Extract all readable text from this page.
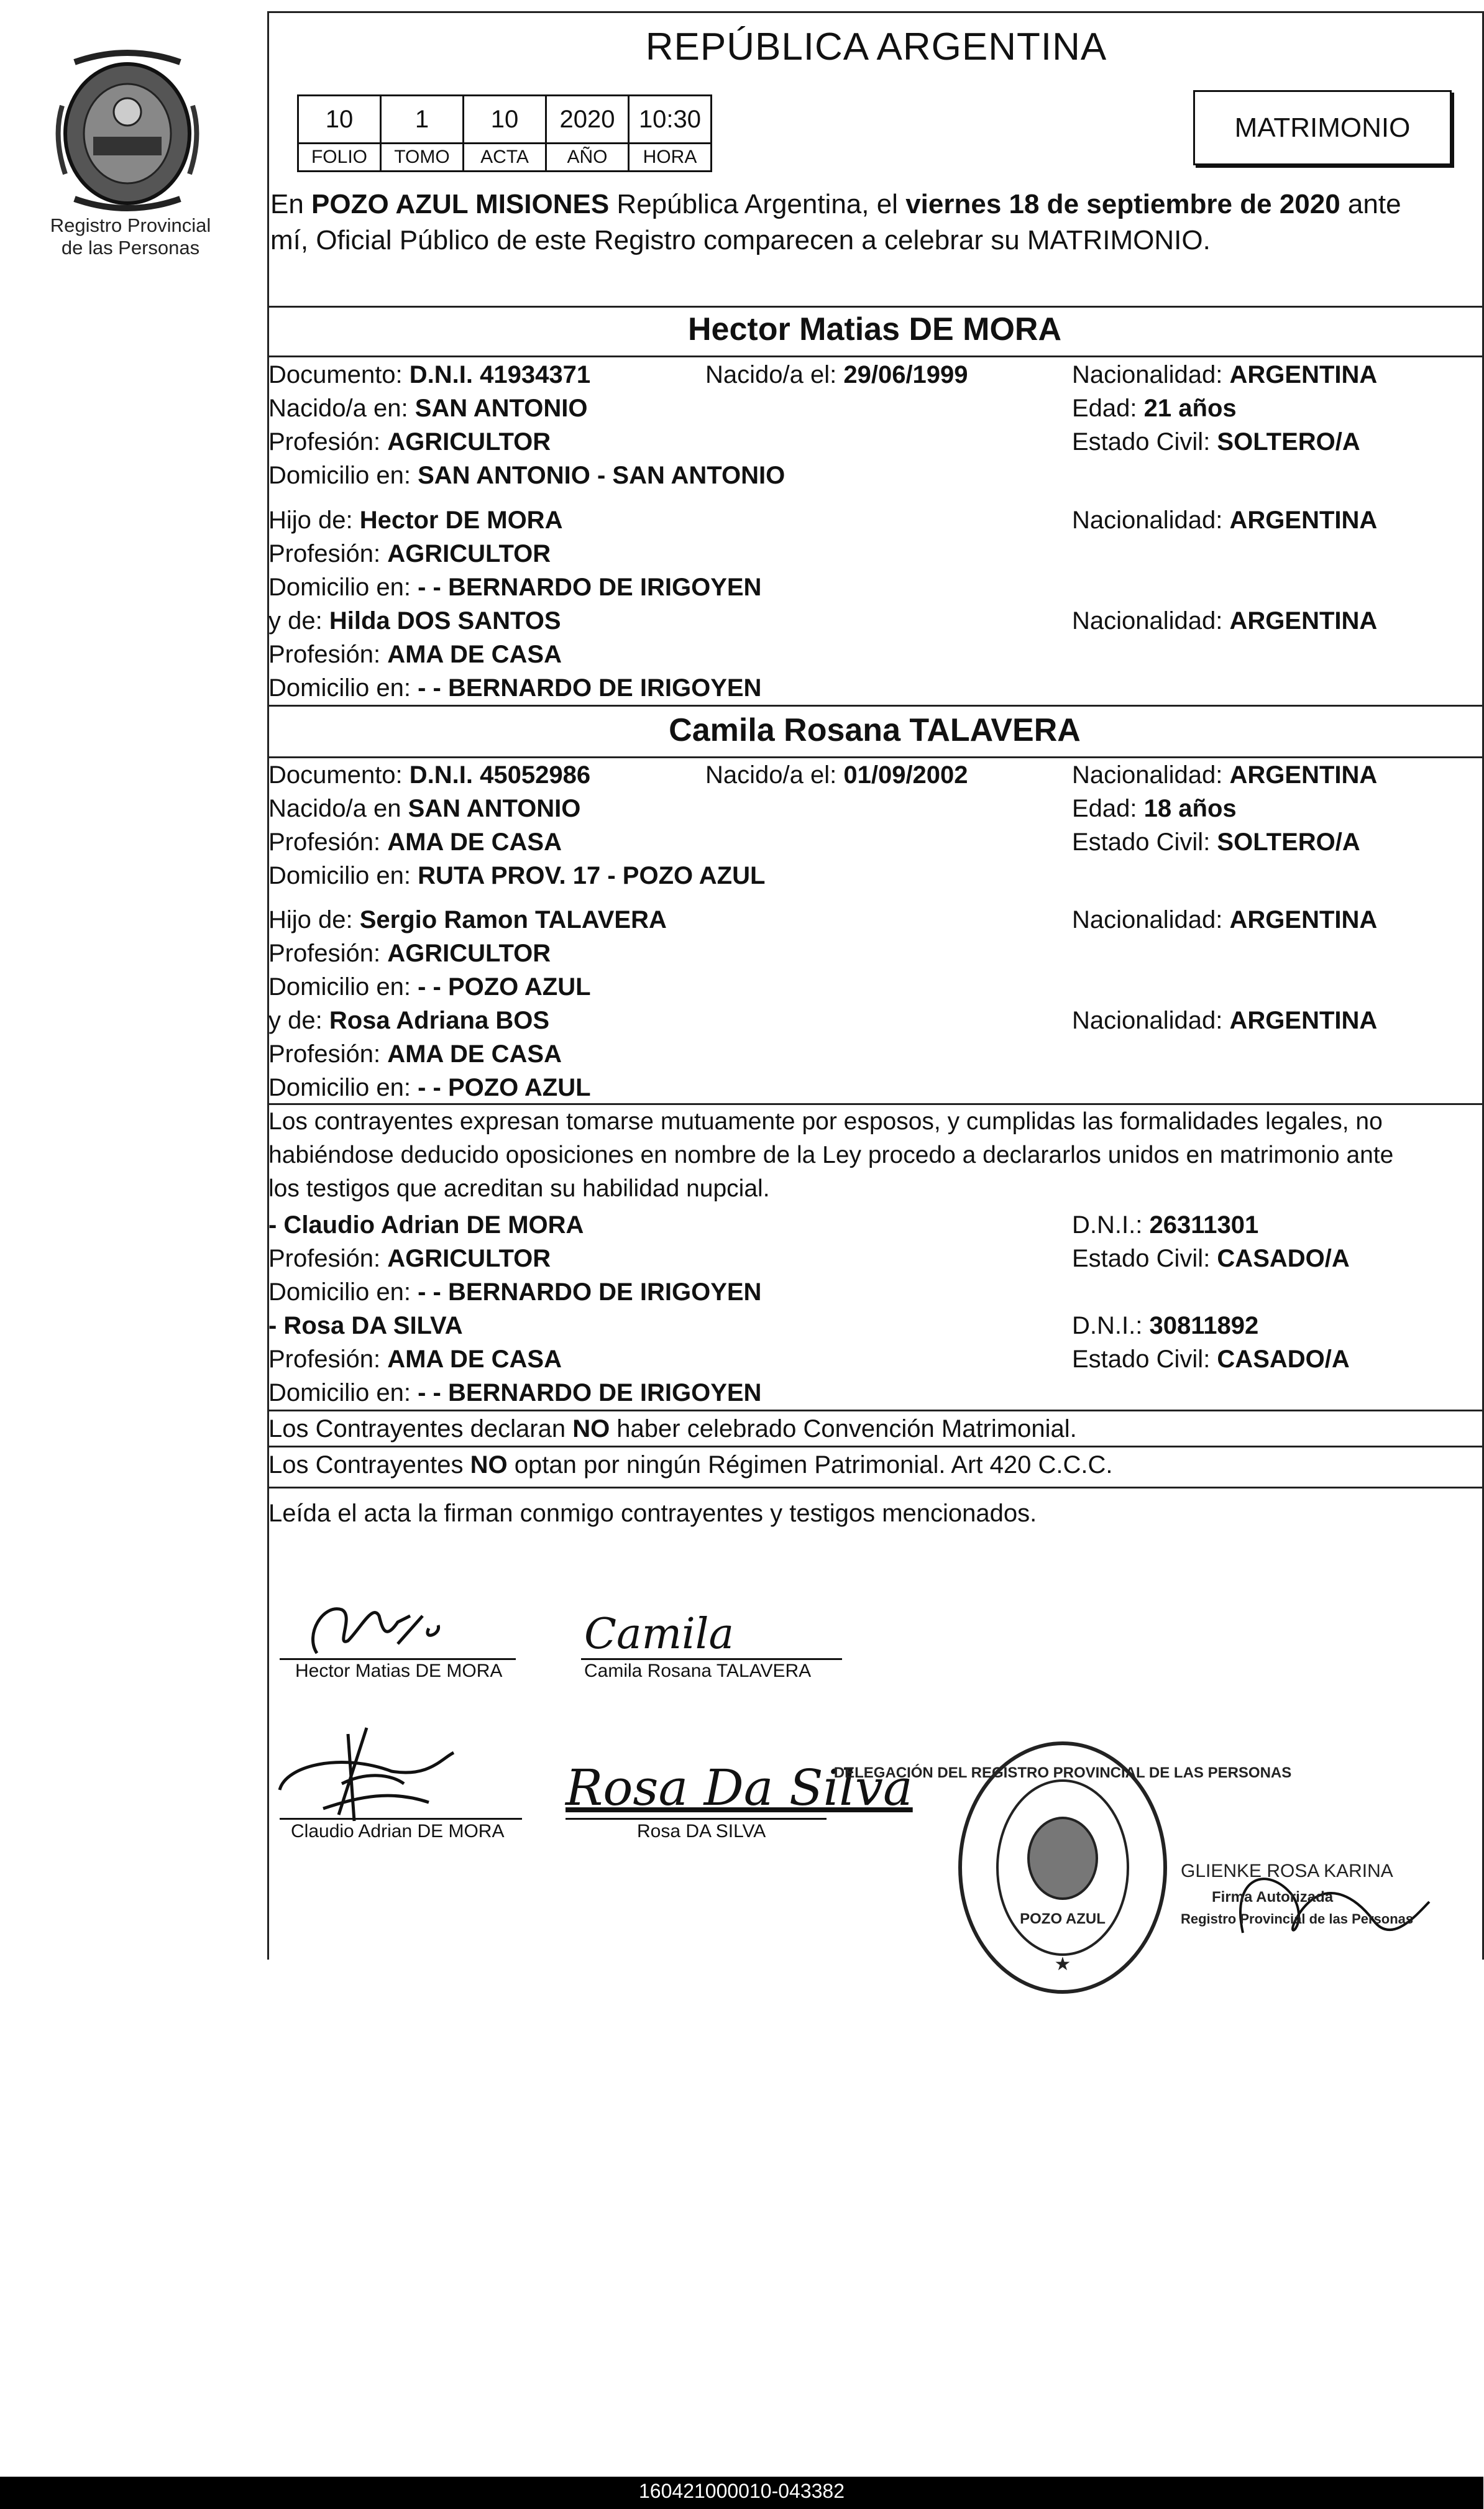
Registro Provincial
de las Personas
REPÚBLICA ARGENTINA
10	1	10	2020	10:30
FOLIO	TOMO	ACTA	AÑO	HORA
MATRIMONIO
En POZO AZUL MISIONES República Argentina, el viernes 18 de septiembre de 2020 ante
mí, Oficial Público de este Registro comparecen a celebrar su MATRIMONIO.
Hector Matias DE MORA
Documento: D.N.I. 41934371	Nacido/a el: 29/06/1999	Nacionalidad: ARGENTINA
Nacido/a en: SAN ANTONIO	Edad: 21 años
Profesión: AGRICULTOR	Estado Civil: SOLTERO/A
Domicilio en: SAN ANTONIO - SAN ANTONIO
Hijo de: Hector DE MORA	Nacionalidad: ARGENTINA
Profesión: AGRICULTOR
Domicilio en: - - BERNARDO DE IRIGOYEN
y de: Hilda DOS SANTOS	Nacionalidad: ARGENTINA
Profesión: AMA DE CASA
Domicilio en: - - BERNARDO DE IRIGOYEN
Camila Rosana TALAVERA
Documento: D.N.I. 45052986	Nacido/a el: 01/09/2002	Nacionalidad: ARGENTINA
Nacido/a en SAN ANTONIO	Edad: 18 años
Profesión: AMA DE CASA	Estado Civil: SOLTERO/A
Domicilio en: RUTA PROV. 17 - POZO AZUL
Hijo de: Sergio Ramon TALAVERA	Nacionalidad: ARGENTINA
Profesión: AGRICULTOR
Domicilio en: - - POZO AZUL
y de: Rosa Adriana BOS	Nacionalidad: ARGENTINA
Profesión: AMA DE CASA
Domicilio en: - - POZO AZUL
Los contrayentes expresan tomarse mutuamente por esposos, y cumplidas las formalidades legales, no
habiéndose deducido oposiciones en nombre de la Ley procedo a declararlos unidos en matrimonio ante
los testigos que acreditan su habilidad nupcial.
- Claudio Adrian DE MORA	D.N.I.: 26311301
Profesión: AGRICULTOR	Estado Civil: CASADO/A
Domicilio en: - - BERNARDO DE IRIGOYEN
- Rosa DA SILVA	D.N.I.: 30811892
Profesión: AMA DE CASA	Estado Civil: CASADO/A
Domicilio en: - - BERNARDO DE IRIGOYEN
Los Contrayentes declaran NO haber celebrado Convención Matrimonial.
Los Contrayentes NO optan por ningún Régimen Patrimonial. Art 420 C.C.C.
Leída el acta la firman conmigo contrayentes y testigos mencionados.
Hector Matias DE MORA
Camila
Camila Rosana TALAVERA
Claudio Adrian DE MORA
Rosa Da Silva
Rosa DA SILVA
DELEGACIÓN DEL REGISTRO PROVINCIAL DE LAS PERSONAS
POZO AZUL
★
GLIENKE ROSA KARINA
Firma Autorizada
Registro Provincial de las Personas
160421000010-043382
